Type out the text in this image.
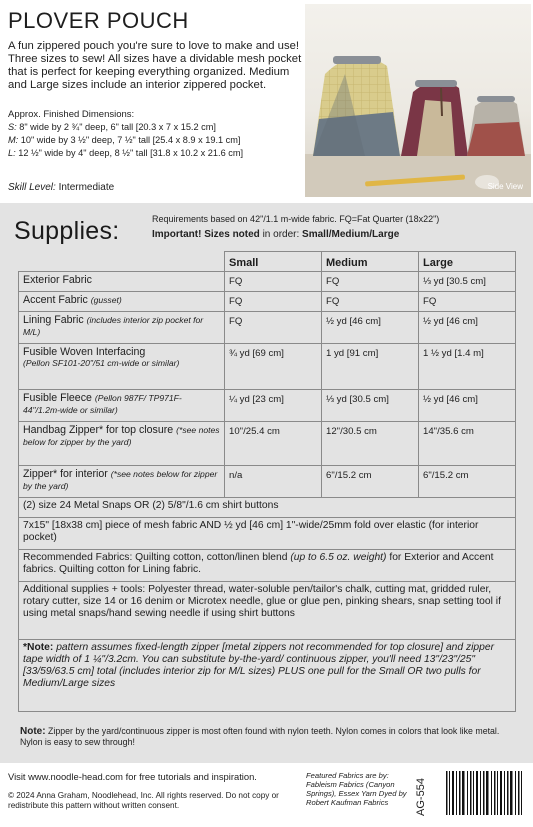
PLOVER POUCH

A fun zippered pouch you're sure to love to make and use! Three sizes to sew! All sizes have a dividable mesh pocket that is perfect for keeping everything organized. Medium and Large sizes include an interior zippered pocket.

Approx. Finished Dimensions:
S: 8" wide by 2 ¾" deep, 6" tall [20.3 x 7 x 15.2 cm]
M: 10" wide by 3 ½" deep, 7 ½" tall [25.4 x 8.9 x 19.1 cm]
L: 12 ½" wide by 4" deep, 8 ½" tall [31.8 x 10.2 x 21.6 cm]
Skill Level: Intermediate	Side View
Supplies:	Requirements based on 42"/1.1 m-wide fabric. FQ=Fat Quarter (18x22")
Important! Sizes noted in order: Small/Medium/Large
	Small	Medium	Large
Exterior Fabric	FQ	FQ	⅓ yd [30.5 cm]
Accent Fabric (gusset)	FQ	FQ	FQ
Lining Fabric (includes interior zip pocket for M/L)	FQ	½ yd [46 cm]	½ yd [46 cm]

Fusible Woven Interfacing
(Pellon SF101-20"/51 cm-wide or similar)	¾ yd [69 cm]	1 yd [91 cm]	1 ½ yd [1.4 m]
Fusible Fleece (Pellon 987F/ TP971F- 44"/1.2m-wide or similar)	¼ yd [23 cm]	⅓ yd [30.5 cm]	½ yd [46 cm]
Handbag Zipper* for top closure (*see notes below for zipper by the yard)	10"/25.4 cm	12"/30.5 cm	14"/35.6 cm
Zipper* for interior (*see notes below for zipper by the yard)	n/a	6"/15.2 cm	6"/15.2 cm
(2) size 24 Metal Snaps OR (2) 5/8"/1.6 cm shirt buttons			
7x15" [18x38 cm] piece of mesh fabric AND ½ yd [46 cm] 1"-wide/25mm fold over elastic (for interior pocket)			
Recommended Fabrics: Quilting cotton, cotton/linen blend (up to 6.5 oz. weight) for Exterior and Accent fabrics. Quilting cotton for Lining fabric.			
Additional supplies + tools: Polyester thread, water-soluble pen/tailor's chalk, cutting mat, gridded ruler, rotary cutter, size 14 or 16 denim or Microtex needle, glue or glue pen, pinking shears, snap setting tool if using metal snaps/hand sewing needle if using shirt buttons			
*Note: pattern assumes fixed-length zipper [metal zippers not recommended for top closure] and zipper tape width of 1 ¼"/3.2cm. You can substitute by-the-yard/ continuous zipper, you'll need 13"/23"/25" [33/59/63.5 cm] total (includes interior zip for M/L sizes) PLUS one pull for the Small OR two pulls for Medium/Large sizes			
Note: Zipper by the yard/continuous zipper is most often found with nylon teeth. Nylon comes in colors that look like metal. Nylon is easy to sew through!
Visit www.noodle-head.com for free tutorials and inspiration.
© 2024 Anna Graham, Noodlehead, Inc. All rights reserved. Do not copy or redistribute this pattern without written consent.
Featured Fabrics are by: Fableism Fabrics (Canyon Springs), Essex Yarn Dyed by Robert Kaufman Fabrics	AG-554
